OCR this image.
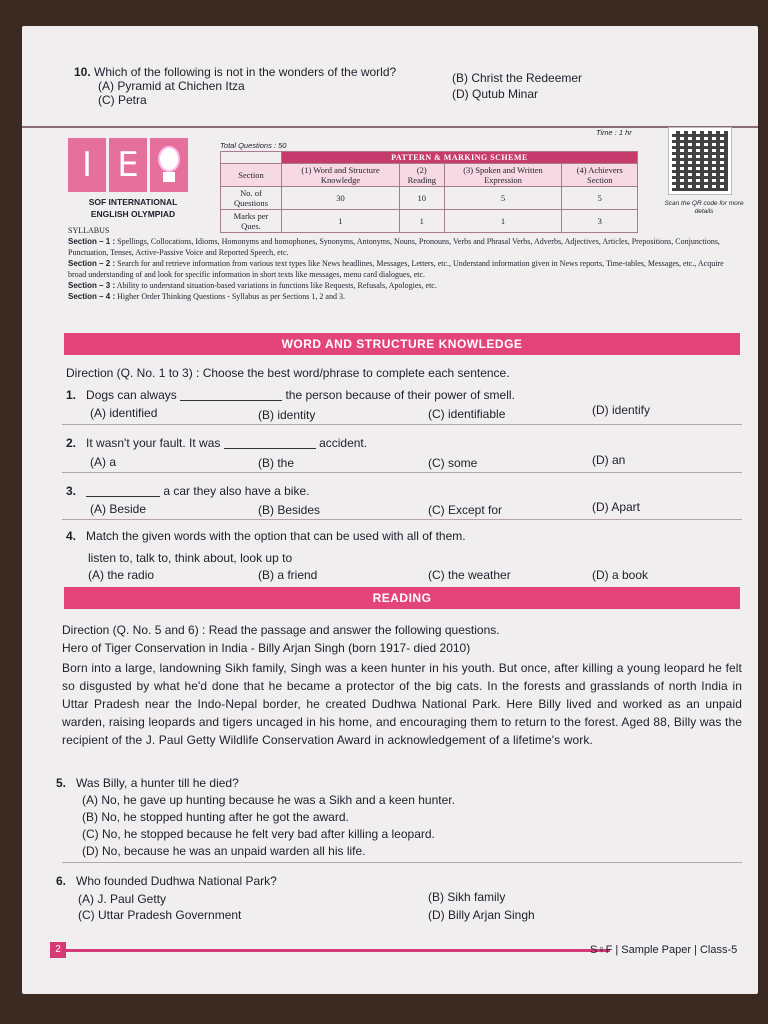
10. Which of the following is not in the wonders of the world?
(A) Pyramid at Chichen Itza
(B) Christ the Redeemer
(C) Petra	(D) Qutub Minar
I E
SOF INTERNATIONAL
ENGLISH OLYMPIAD
Total Questions : 50
Time : 1 hr
	PATTERN & MARKING SCHEME			
Section	(1) Word and Structure Knowledge	(2) Reading	(3) Spoken and Written Expression	(4) Achievers Section
No. of Questions	30	10	5	5
Marks per Ques.	1	1	1	3
Scan the QR code for more details
SYLLABUS
Section – 1 : Spellings, Collocations, Idioms, Homonyms and homophones, Synonyms, Antonyms, Nouns, Pronouns, Verbs and Phrasal Verbs, Adverbs, Adjectives, Articles, Prepositions, Conjunctions, Punctuation, Tenses, Active-Passive Voice and Reported Speech, etc.
Section – 2 : Search for and retrieve information from various text types like News headlines, Messages, Letters, etc., Understand information given in News reports, Time-tables, Messages, etc., Acquire broad understanding of and look for specific information in short texts like messages, menu card dialogues, etc.
Section – 3 : Ability to understand situation-based variations in functions like Requests, Refusals, Apologies, etc.
Section – 4 : Higher Order Thinking Questions - Syllabus as per Sections 1, 2 and 3.
WORD AND STRUCTURE KNOWLEDGE
Direction (Q. No. 1 to 3) : Choose the best word/phrase to complete each sentence.
1. Dogs can always	the person because of their power of smell.
(A) identified	(B) identity	(C) identifiable	(D) identify
2. It wasn't your fault. It was	accident.
(A) a	(B) the	(C) some	(D) an
3.	a car they also have a bike.
(A) Beside	(B) Besides	(C) Except for	(D) Apart
4. Match the given words with the option that can be used with all of them.
listen to, talk to, think about, look up to
(A) the radio	(B) a friend	(C) the weather	(D) a book
READING
Direction (Q. No. 5 and 6) : Read the passage and answer the following questions.
Hero of Tiger Conservation in India - Billy Arjan Singh (born 1917- died 2010)
Born into a large, landowning Sikh family, Singh was a keen hunter in his youth. But once, after killing a young leopard he felt so disgusted by what he'd done that he became a protector of the big cats. In the forests and grasslands of north India in Uttar Pradesh near the Indo-Nepal border, he created Dudhwa National Park. Here Billy lived and worked as an unpaid warden, raising leopards and tigers uncaged in his home, and encouraging them to return to the forest. Aged 88, Billy was the recipient of the J. Paul Getty Wildlife Conservation Award in acknowledgement of a lifetime's work.
5. Was Billy, a hunter till he died?
(A) No, he gave up hunting because he was a Sikh and a keen hunter.
(B) No, he stopped hunting after he got the award.
(C) No, he stopped because he felt very bad after killing a leopard.
(D) No, because he was an unpaid warden all his life.
6. Who founded Dudhwa National Park?
(A) J. Paul Getty	(B) Sikh family
(C) Uttar Pradesh Government	(D) Billy Arjan Singh
2	S♀F | Sample Paper | Class-5
